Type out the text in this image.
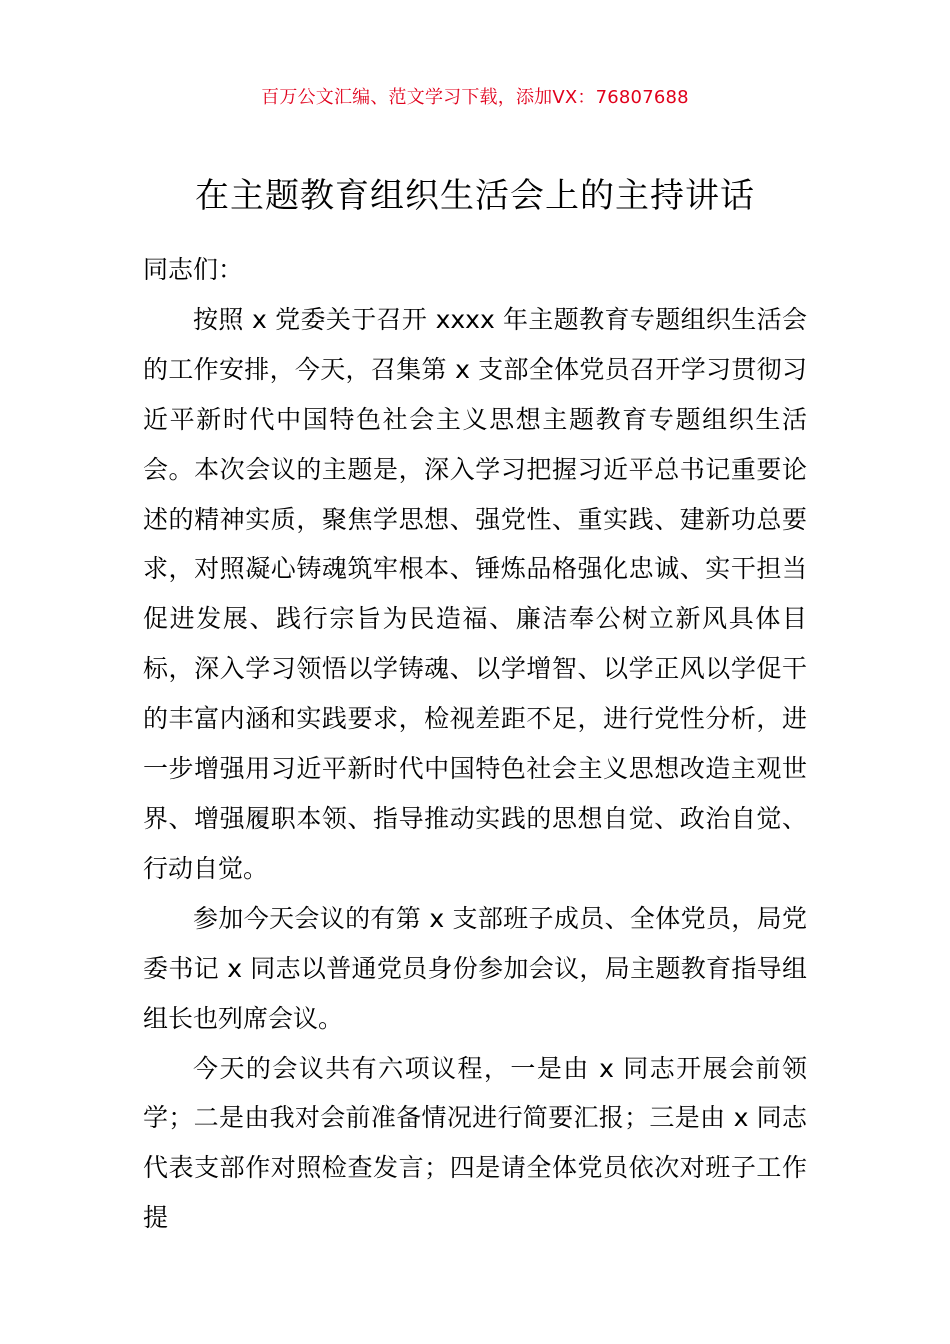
百万公文汇编、范文学习下载，添加VX：76807688
在主题教育组织生活会上的主持讲话

同志们：

按照 x 党委关于召开 xxxx 年主题教育专题组织生活会的工作安排，今天，召集第 x 支部全体党员召开学习贯彻习近平新时代中国特色社会主义思想主题教育专题组织生活会。本次会议的主题是，深入学习把握习近平总书记重要论述的精神实质，聚焦学思想、强党性、重实践、建新功总要求，对照凝心铸魂筑牢根本、锤炼品格强化忠诚、实干担当促进发展、践行宗旨为民造福、廉洁奉公树立新风具体目标，深入学习领悟以学铸魂、以学增智、以学正风以学促干的丰富内涵和实践要求，检视差距不足，进行党性分析，进一步增强用习近平新时代中国特色社会主义思想改造主观世界、增强履职本领、指导推动实践的思想自觉、政治自觉、行动自觉。

参加今天会议的有第 x 支部班子成员、全体党员，局党委书记 x 同志以普通党员身份参加会议，局主题教育指导组组长也列席会议。

今天的会议共有六项议程，一是由 x 同志开展会前领学；二是由我对会前准备情况进行简要汇报；三是由 x 同志代表支部作对照检查发言；四是请全体党员依次对班子工作提
